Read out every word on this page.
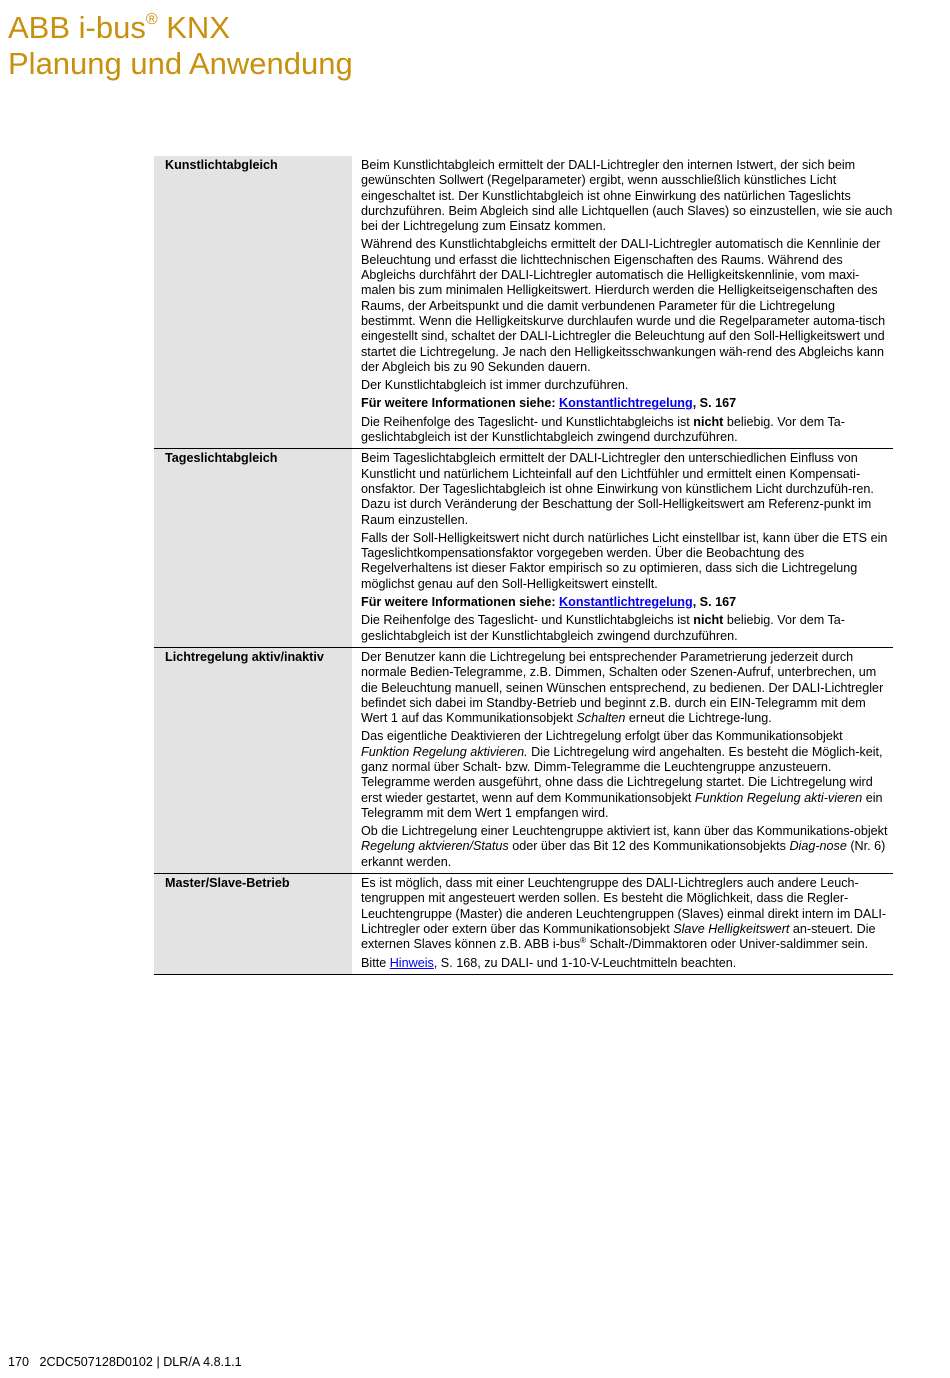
ABB i-bus® KNX
Planung und Anwendung
Kunstlichtabgleich	Beim Kunstlichtabgleich ermittelt der DALI-Lichtregler den internen Istwert, der sich beim gewünschten Sollwert (Regelparameter) ergibt, wenn ausschließlich künstliches Licht eingeschaltet ist. Der Kunstlichtabgleich ist ohne Einwirkung des natürlichen Tageslichts durchzuführen. Beim Abgleich sind alle Lichtquellen (auch Slaves) so einzustellen, wie sie auch bei der Lichtregelung zum Einsatz kommen.

Während des Kunstlichtabgleichs ermittelt der DALI-Lichtregler automatisch die Kennlinie der Beleuchtung und erfasst die lichttechnischen Eigenschaften des Raums. Während des Abgleichs durchfährt der DALI-Lichtregler automatisch die Helligkeitskennlinie, vom maxi-malen bis zum minimalen Helligkeitswert. Hierdurch werden die Helligkeitseigenschaften des Raums, der Arbeitspunkt und die damit verbundenen Parameter für die Lichtregelung bestimmt. Wenn die Helligkeitskurve durchlaufen wurde und die Regelparameter automa-tisch eingestellt sind, schaltet der DALI-Lichtregler die Beleuchtung auf den Soll-Helligkeitswert und startet die Lichtregelung. Je nach den Helligkeitsschwankungen wäh-rend des Abgleichs kann der Abgleich bis zu 90 Sekunden dauern.

Der Kunstlichtabgleich ist immer durchzuführen.

Für weitere Informationen siehe: Konstantlichtregelung, S. 167

Die Reihenfolge des Tageslicht- und Kunstlichtabgleichs ist nicht beliebig. Vor dem Ta-geslichtabgleich ist der Kunstlichtabgleich zwingend durchzuführen.

Tageslichtabgleich	Beim Tageslichtabgleich ermittelt der DALI-Lichtregler den unterschiedlichen Einfluss von Kunstlicht und natürlichem Lichteinfall auf den Lichtfühler und ermittelt einen Kompensati-onsfaktor. Der Tageslichtabgleich ist ohne Einwirkung von künstlichem Licht durchzufüh-ren. Dazu ist durch Veränderung der Beschattung der Soll-Helligkeitswert am Referenz-punkt im Raum einzustellen.

Falls der Soll-Helligkeitswert nicht durch natürliches Licht einstellbar ist, kann über die ETS ein Tageslichtkompensationsfaktor vorgegeben werden. Über die Beobachtung des Regelverhaltens ist dieser Faktor empirisch so zu optimieren, dass sich die Lichtregelung möglichst genau auf den Soll-Helligkeitswert einstellt.

Für weitere Informationen siehe: Konstantlichtregelung, S. 167

Die Reihenfolge des Tageslicht- und Kunstlichtabgleichs ist nicht beliebig. Vor dem Ta-geslichtabgleich ist der Kunstlichtabgleich zwingend durchzuführen.

Lichtregelung aktiv/inaktiv	Der Benutzer kann die Lichtregelung bei entsprechender Parametrierung jederzeit durch normale Bedien-Telegramme, z.B. Dimmen, Schalten oder Szenen-Aufruf, unterbrechen, um die Beleuchtung manuell, seinen Wünschen entsprechend, zu bedienen. Der DALI-Lichtregler befindet sich dabei im Standby-Betrieb und beginnt z.B. durch ein EIN-Telegramm mit dem Wert 1 auf das Kommunikationsobjekt Schalten erneut die Lichtrege-lung.

Das eigentliche Deaktivieren der Lichtregelung erfolgt über das Kommunikationsobjekt Funktion Regelung aktivieren. Die Lichtregelung wird angehalten. Es besteht die Möglich-keit, ganz normal über Schalt- bzw. Dimm-Telegramme die Leuchtengruppe anzusteuern. Telegramme werden ausgeführt, ohne dass die Lichtregelung startet. Die Lichtregelung wird erst wieder gestartet, wenn auf dem Kommunikationsobjekt Funktion Regelung akti-vieren ein Telegramm mit dem Wert 1 empfangen wird.

Ob die Lichtregelung einer Leuchtengruppe aktiviert ist, kann über das Kommunikations-objekt Regelung aktvieren/Status oder über das Bit 12 des Kommunikationsobjekts Diag-nose (Nr. 6) erkannt werden.

Master/Slave-Betrieb	Es ist möglich, dass mit einer Leuchtengruppe des DALI-Lichtreglers auch andere Leuch-tengruppen mit angesteuert werden sollen. Es besteht die Möglichkeit, dass die Regler-Leuchtengruppe (Master) die anderen Leuchtengruppen (Slaves) einmal direkt intern im DALI-Lichtregler oder extern über das Kommunikationsobjekt Slave Helligkeitswert an-steuert. Die externen Slaves können z.B. ABB i-bus® Schalt-/Dimmaktoren oder Univer-saldimmer sein.

Bitte Hinweis, S. 168, zu DALI- und 1-10-V-Leuchtmitteln beachten.

170 2CDC507128D0102 | DLR/A 4.8.1.1
